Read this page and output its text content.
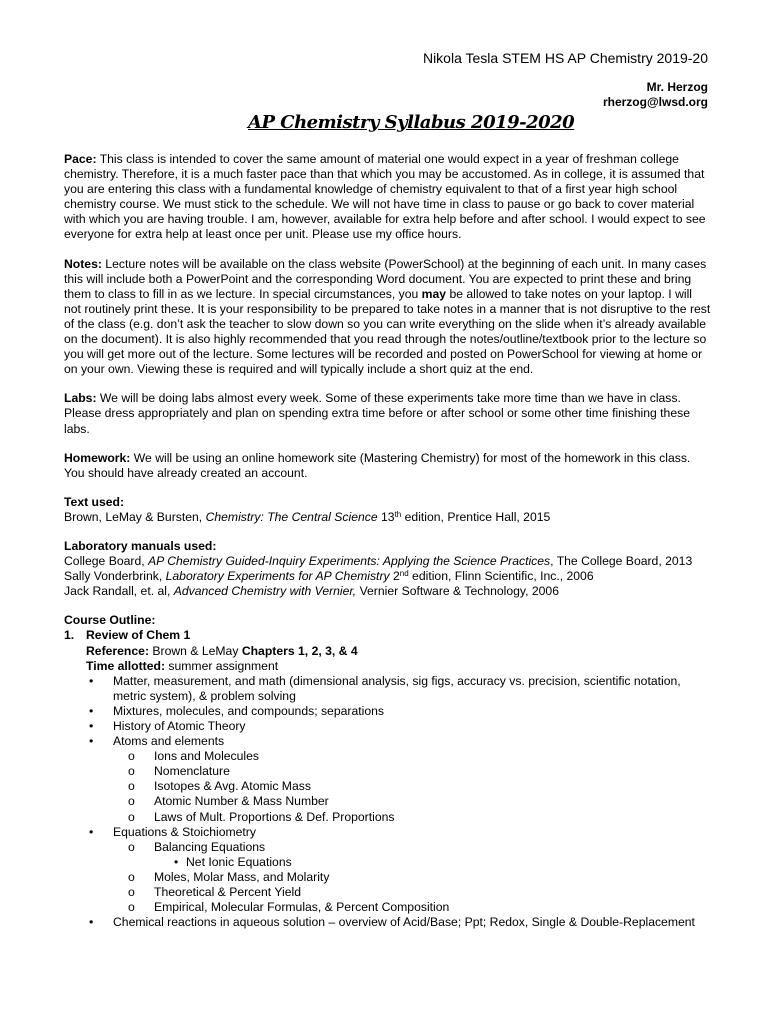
Nikola Tesla STEM HS AP Chemistry 2019-20
Mr. Herzog
rherzog@lwsd.org
AP Chemistry Syllabus 2019-2020

Pace: This class is intended to cover the same amount of material one would expect in a year of freshman college chemistry. Therefore, it is a much faster pace than that which you may be accustomed. As in college, it is assumed that you are entering this class with a fundamental knowledge of chemistry equivalent to that of a first year high school chemistry course. We must stick to the schedule. We will not have time in class to pause or go back to cover material with which you are having trouble. I am, however, available for extra help before and after school. I would expect to see everyone for extra help at least once per unit. Please use my office hours.

Notes: Lecture notes will be available on the class website (PowerSchool) at the beginning of each unit. In many cases this will include both a PowerPoint and the corresponding Word document. You are expected to print these and bring them to class to fill in as we lecture. In special circumstances, you may be allowed to take notes on your laptop. I will not routinely print these. It is your responsibility to be prepared to take notes in a manner that is not disruptive to the rest of the class (e.g. don’t ask the teacher to slow down so you can write everything on the slide when it’s already available on the document). It is also highly recommended that you read through the notes/outline/textbook prior to the lecture so you will get more out of the lecture. Some lectures will be recorded and posted on PowerSchool for viewing at home or on your own. Viewing these is required and will typically include a short quiz at the end.

Labs: We will be doing labs almost every week. Some of these experiments take more time than we have in class. Please dress appropriately and plan on spending extra time before or after school or some other time finishing these labs.

Homework: We will be using an online homework site (Mastering Chemistry) for most of the homework in this class. You should have already created an account.

Text used:
Brown, LeMay & Bursten, Chemistry: The Central Science 13th edition, Prentice Hall, 2015

Laboratory manuals used:
College Board, AP Chemistry Guided-Inquiry Experiments: Applying the Science Practices, The College Board, 2013
Sally Vonderbrink, Laboratory Experiments for AP Chemistry 2nd edition, Flinn Scientific, Inc., 2006
Jack Randall, et. al, Advanced Chemistry with Vernier, Vernier Software & Technology, 2006

Course Outline:
1. Review of Chem 1
Reference: Brown & LeMay Chapters 1, 2, 3, & 4
Time allotted: summer assignment
•	Matter, measurement, and math (dimensional analysis, sig figs, accuracy vs. precision, scientific notation, metric system), & problem solving
•	Mixtures, molecules, and compounds; separations
•	History of Atomic Theory
•	Atoms and elements
o	Ions and Molecules
o	Nomenclature
o	Isotopes & Avg. Atomic Mass
o	Atomic Number & Mass Number
o	Laws of Mult. Proportions & Def. Proportions
•	Equations & Stoichiometry
o	Balancing Equations
• Net Ionic Equations
o	Moles, Molar Mass, and Molarity
o	Theoretical & Percent Yield
o	Empirical, Molecular Formulas, & Percent Composition
•	Chemical reactions in aqueous solution – overview of Acid/Base; Ppt; Redox, Single & Double-Replacement
